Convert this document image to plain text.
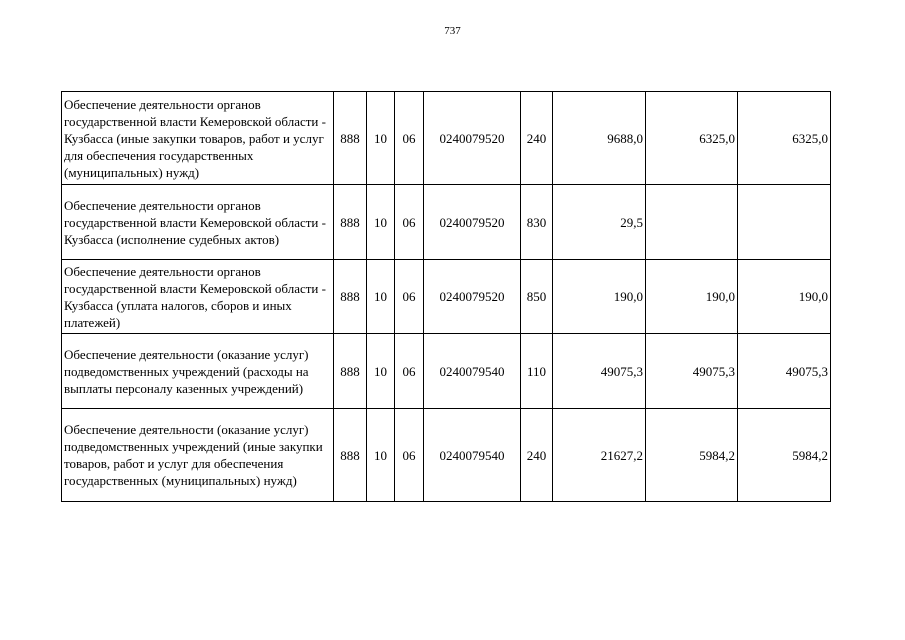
737
Обеспечение деятельности органов государственной власти Кемеровской области - Кузбасса (иные закупки товаров, работ и услуг для обеспечения государственных (муниципальных) нужд)	888	10	06	0240079520	240	9688,0	6325,0	6325,0
Обеспечение деятельности органов государственной власти Кемеровской области - Кузбасса (исполнение судебных актов)	888	10	06	0240079520	830	29,5		
Обеспечение деятельности органов государственной власти Кемеровской области - Кузбасса (уплата налогов, сборов и иных платежей)	888	10	06	0240079520	850	190,0	190,0	190,0
Обеспечение деятельности (оказание услуг) подведомственных учреждений (расходы на выплаты персоналу казенных учреждений)	888	10	06	0240079540	110	49075,3	49075,3	49075,3
Обеспечение деятельности (оказание услуг) подведомственных учреждений (иные закупки товаров, работ и услуг для обеспечения государственных (муниципальных) нужд)	888	10	06	0240079540	240	21627,2	5984,2	5984,2
